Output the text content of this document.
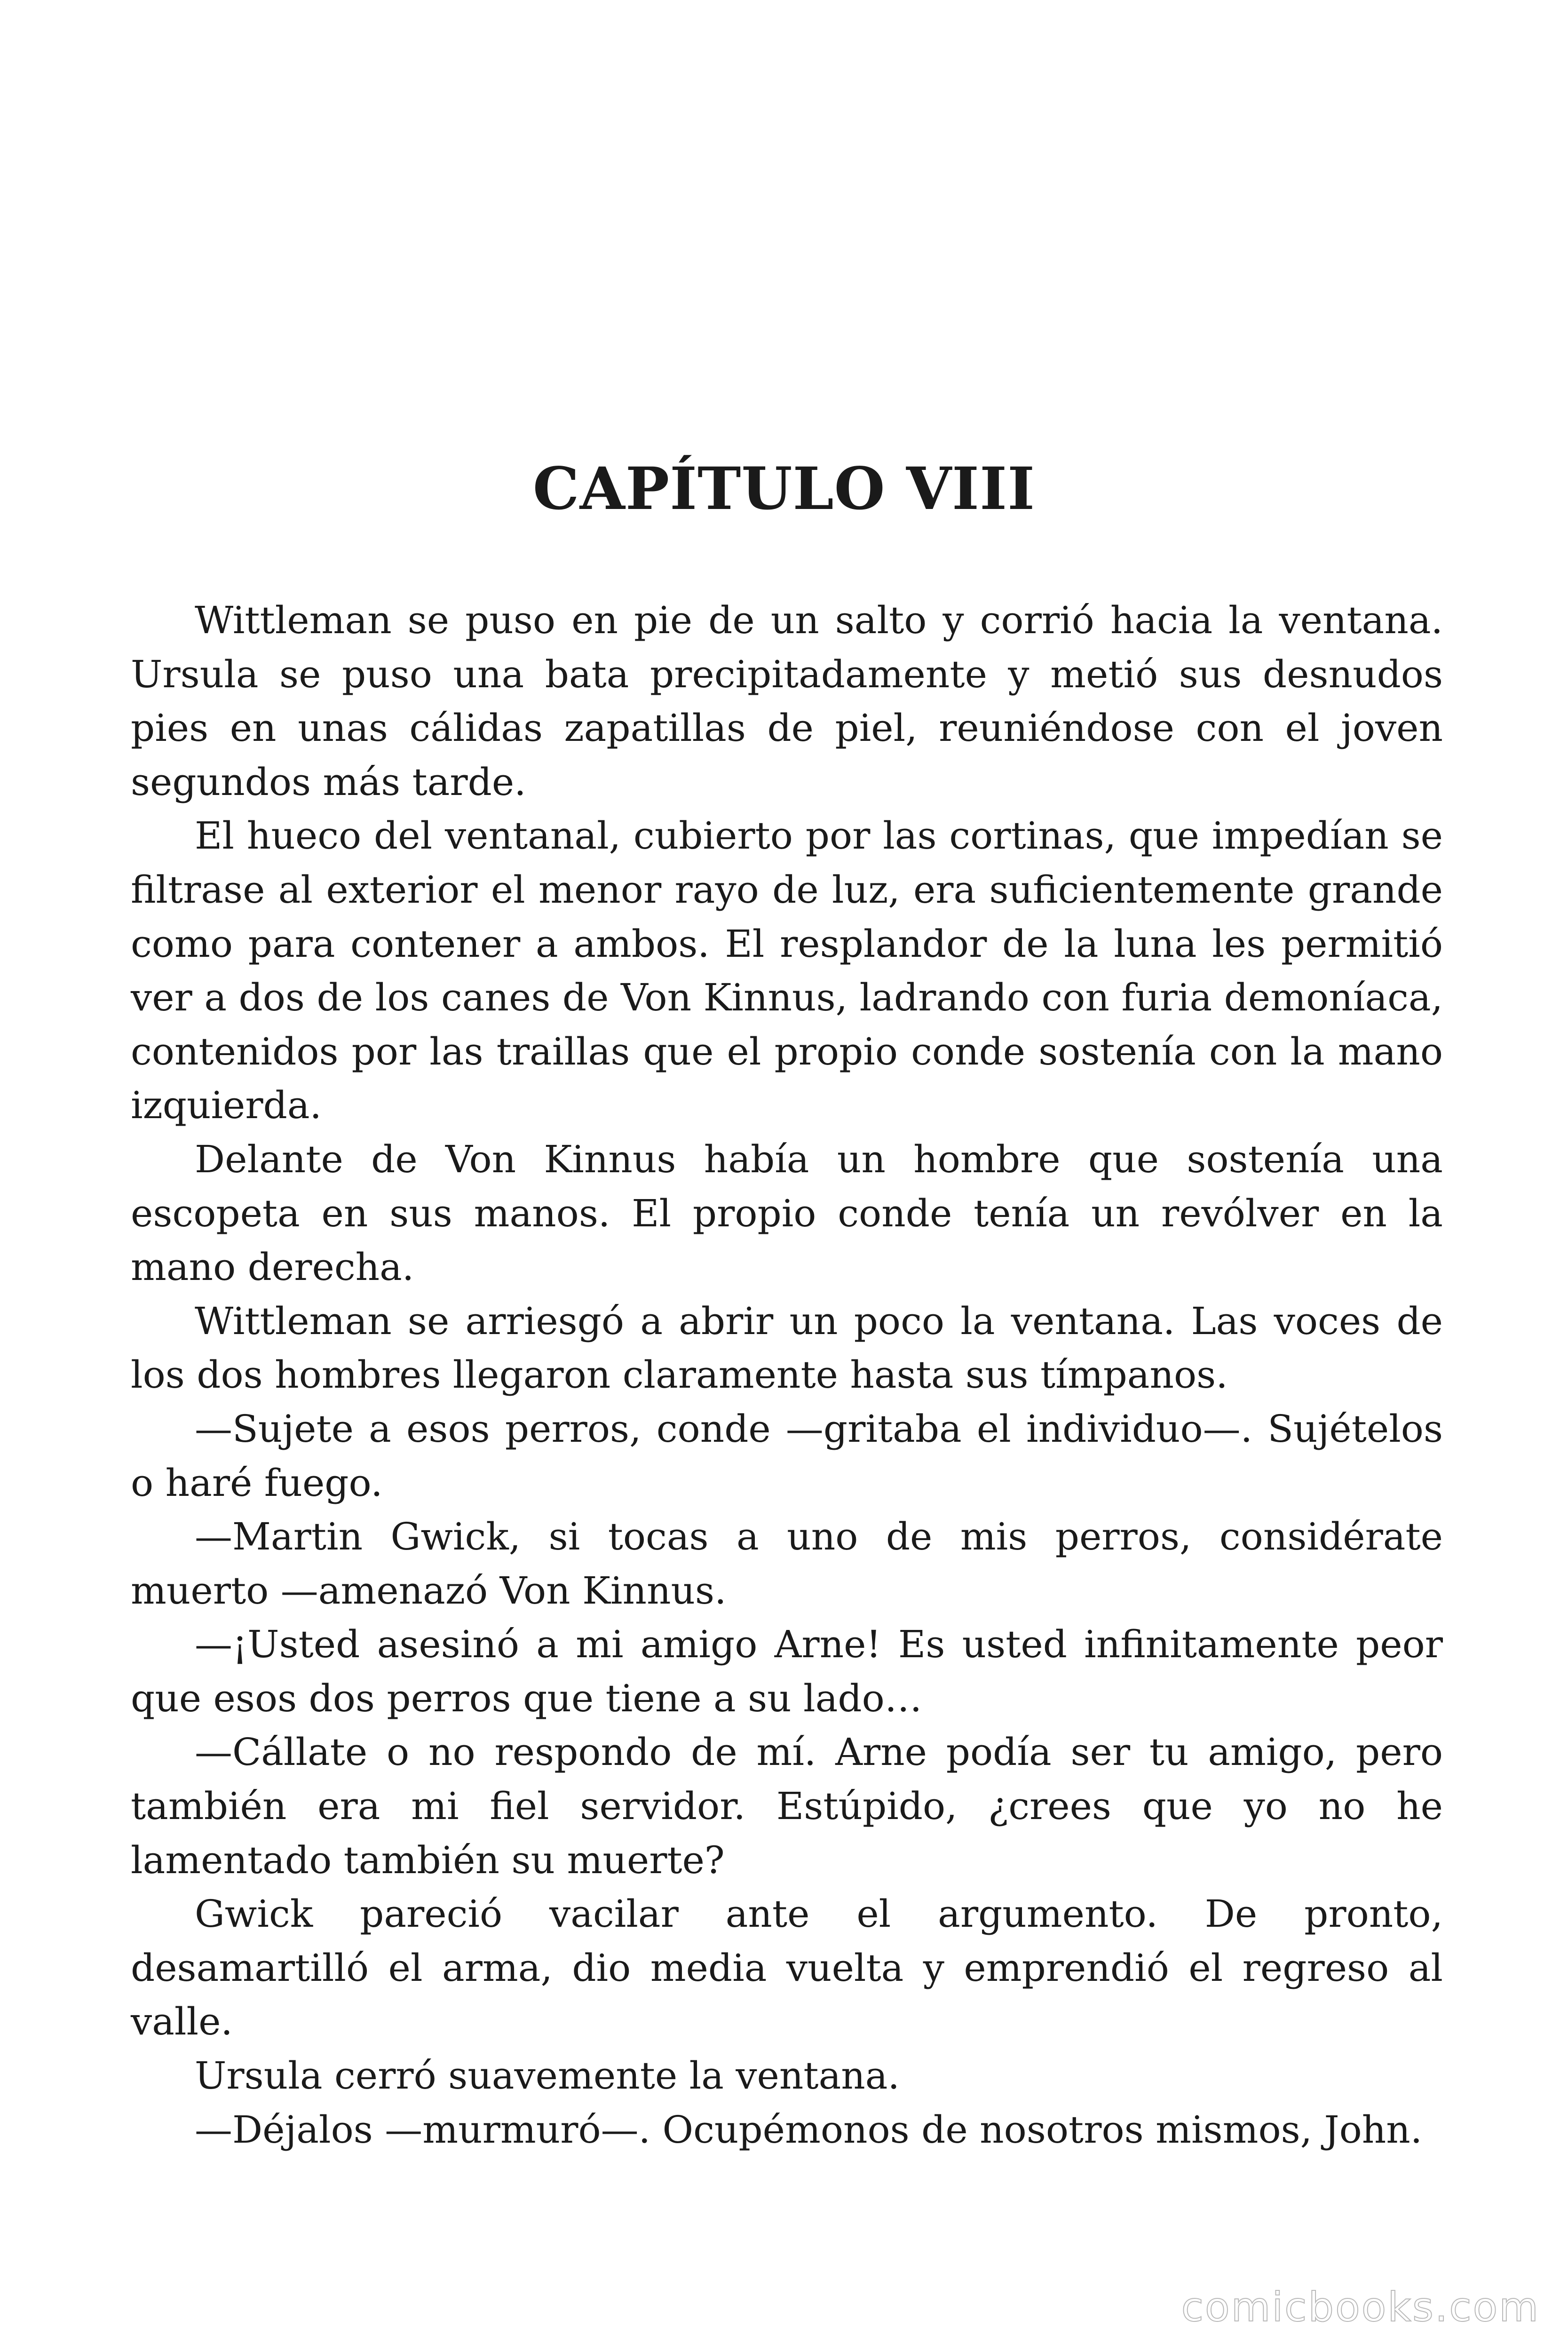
CAPÍTULO VIII

Wittleman se puso en pie de un salto y corrió hacia la ventana. Ursula se puso una bata precipitadamente y metió sus desnudos pies en unas cálidas zapatillas de piel, reuniéndose con el joven segundos más tarde.

El hueco del ventanal, cubierto por las cortinas, que impedían se filtrase al exterior el menor rayo de luz, era suficientemente grande como para contener a ambos. El resplandor de la luna les permitió ver a dos de los canes de Von Kinnus, ladrando con furia demoníaca, contenidos por las traillas que el propio conde sostenía con la mano izquierda.

Delante de Von Kinnus había un hombre que sostenía una escopeta en sus manos. El propio conde tenía un revólver en la mano derecha.

Wittleman se arriesgó a abrir un poco la ventana. Las voces de los dos hombres llegaron claramente hasta sus tímpanos.

—Sujete a esos perros, conde —gritaba el individuo—. Sujételos o haré fuego.

—Martin Gwick, si tocas a uno de mis perros, considérate muerto —amenazó Von Kinnus.

—¡Usted asesinó a mi amigo Arne! Es usted infinitamente peor que esos dos perros que tiene a su lado…

—Cállate o no respondo de mí. Arne podía ser tu amigo, pero también era mi fiel servidor. Estúpido, ¿crees que yo no he lamentado también su muerte?

Gwick pareció vacilar ante el argumento. De pronto, desamartilló el arma, dio media vuelta y emprendió el regreso al valle.

Ursula cerró suavemente la ventana.

—Déjalos —murmuró—. Ocupémonos de nosotros mismos, John.

comicbooks.com
